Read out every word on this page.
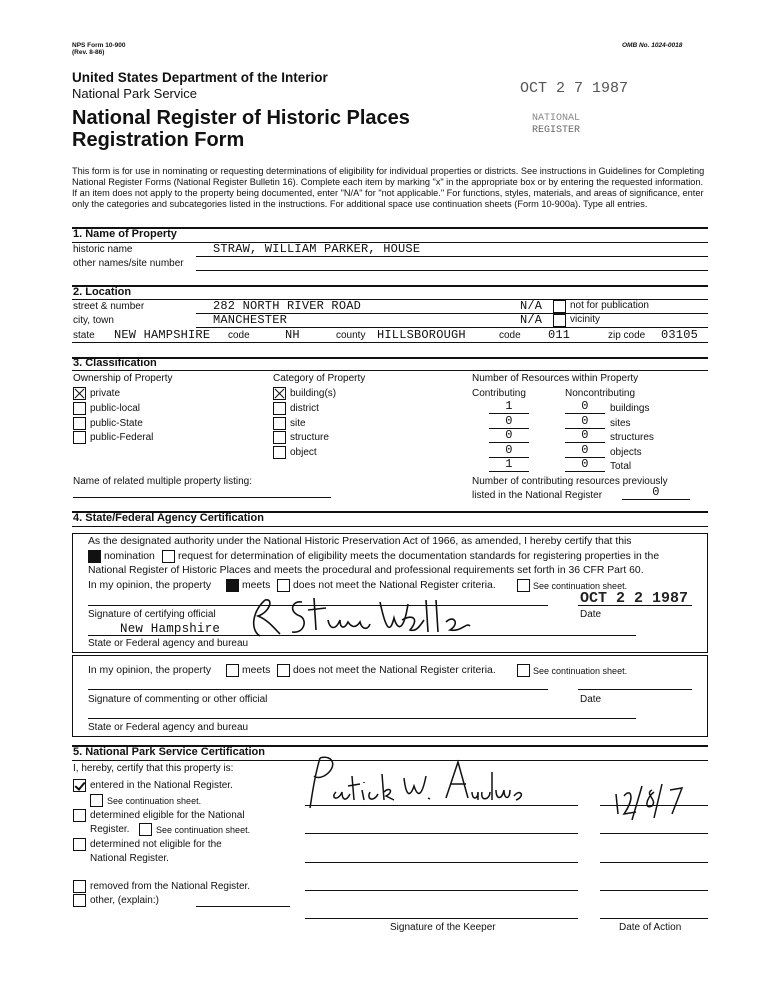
NPS Form 10-900
(Rev. 8-86)
OMB No. 1024-0018
United States Department of the Interior
National Park Service
National Register of Historic Places
Registration Form
OCT 2 7 1987
NATIONAL
REGISTER
This form is for use in nominating or requesting determinations of eligibility for individual properties or districts. See instructions in Guidelines for Completing National Register Forms (National Register Bulletin 16). Complete each item by marking "x" in the appropriate box or by entering the requested information. If an item does not apply to the property being documented, enter "N/A" for "not applicable." For functions, styles, materials, and areas of significance, enter only the categories and subcategories listed in the instructions. For additional space use continuation sheets (Form 10-900a). Type all entries.
1. Name of Property
historic name	STRAW, WILLIAM PARKER, HOUSE
other names/site number
2. Location
street & number	282 NORTH RIVER ROAD	N/A	not for publication
city, town	MANCHESTER	N/A	vicinity
state NEW HAMPSHIRE code	NH	county HILLSBOROUGH	code 011	zip code 03105
3. Classification
Ownership of Property
private
public-local
public-State
public-Federal
Category of Property
building(s)
district
site
structure
object
Number of Resources within Property
Contributing	Noncontributing
1	0	buildings
0	0	sites
0	0	structures
0	0	objects
1	0	Total
Name of related multiple property listing:	Number of contributing resources previously
listed in the National Register	0
4. State/Federal Agency Certification
As the designated authority under the National Historic Preservation Act of 1966, as amended, I hereby certify that this
nomination request for determination of eligibility meets the documentation standards for registering properties in the
National Register of Historic Places and meets the procedural and professional requirements set forth in 36 CFR Part 60.
In my opinion, the property	meets does not meet the National Register criteria.	See continuation sheet.
OCT 2 2 1987
Signature of certifying official	Date
New Hampshire
State or Federal agency and bureau
In my opinion, the property	meets does not meet the National Register criteria.	See continuation sheet.
Signature of commenting or other official	Date
State or Federal agency and bureau
5. National Park Service Certification
I, hereby, certify that this property is:
entered in the National Register.
See continuation sheet.
determined eligible for the National
Register.	See continuation sheet.
determined not eligible for the
National Register.
removed from the National Register.
other, (explain:)
Signature of the Keeper	Date of Action
